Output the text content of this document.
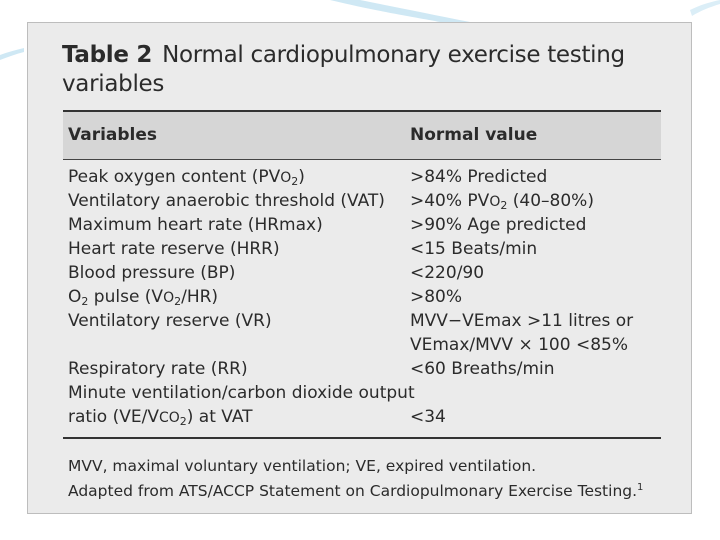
Table 2 Normal cardiopulmonary exercise testing variables
Variables	Normal value
Peak oxygen content $(PVO_2)$	>84% Predicted
Ventilatory anaerobic threshold (VAT) >40% $PVO_2$ (40–80%)
Maximum heart rate (HRmax)	>90% Age predicted
Heart rate reserve (HRR)	<15 Beats/min
Blood pressure (BP)	<220/90
$O_2$ pulse $(VO_2/HR)$	>80%
Ventilatory reserve (VR)	MVV−VEmax >11 litres or
VEmax/MVV × 100 <85%
Respiratory rate (RR)	<60 Breaths/min
Minute ventilation/carbon dioxide output
ratio $(VE/VCO_2)$ at VAT	<34
MVV, maximal voluntary ventilation; VE, expired ventilation.
Adapted from ATS/ACCP Statement on Cardiopulmonary Exercise Testing.$^1$
